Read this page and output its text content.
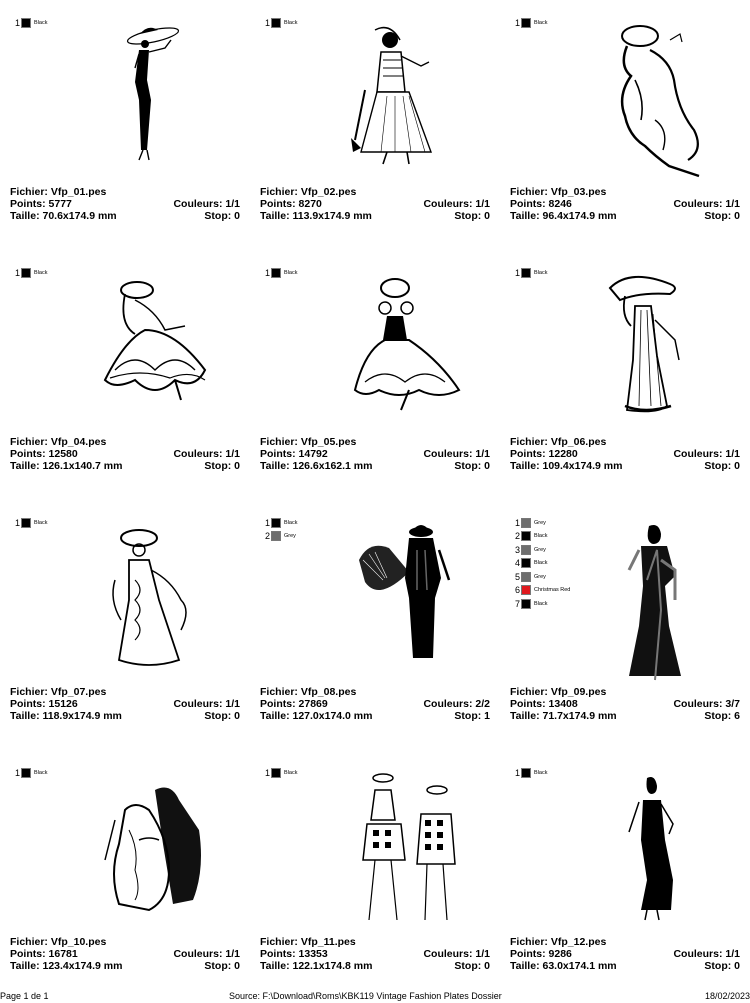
1	Black
Fichier: Vfp_01.pes
Points: 5777	Couleurs: 1/1
Taille: 70.6x174.9 mm	Stop: 0
1	Black
Fichier: Vfp_02.pes
Points: 8270	Couleurs: 1/1
Taille: 113.9x174.9 mm	Stop: 0
1	Black
Fichier: Vfp_03.pes
Points: 8246	Couleurs: 1/1
Taille: 96.4x174.9 mm	Stop: 0
1	Black
Fichier: Vfp_04.pes
Points: 12580	Couleurs: 1/1
Taille: 126.1x140.7 mm	Stop: 0
1	Black
Fichier: Vfp_05.pes
Points: 14792	Couleurs: 1/1
Taille: 126.6x162.1 mm	Stop: 0
1	Black
Fichier: Vfp_06.pes
Points: 12280	Couleurs: 1/1
Taille: 109.4x174.9 mm	Stop: 0
1	Black
Fichier: Vfp_07.pes
Points: 15126	Couleurs: 1/1
Taille: 118.9x174.9 mm	Stop: 0
1	Black
2	Grey
Fichier: Vfp_08.pes
Points: 27869	Couleurs: 2/2
Taille: 127.0x174.0 mm	Stop: 1
1	Grey
2	Black
3	Grey
4	Black
5	Grey
6	Christmas Red
7	Black
Fichier: Vfp_09.pes
Points: 13408	Couleurs: 3/7
Taille: 71.7x174.9 mm	Stop: 6
1	Black
Fichier: Vfp_10.pes
Points: 16781	Couleurs: 1/1
Taille: 123.4x174.9 mm	Stop: 0
1	Black
Fichier: Vfp_11.pes
Points: 13353	Couleurs: 1/1
Taille: 122.1x174.8 mm	Stop: 0
1	Black
Fichier: Vfp_12.pes
Points: 9286	Couleurs: 1/1
Taille: 63.0x174.1 mm	Stop: 0
Page 1 de 1	Source: F:\Download\Roms\KBK119 Vintage Fashion Plates Dossier	18/02/2023
